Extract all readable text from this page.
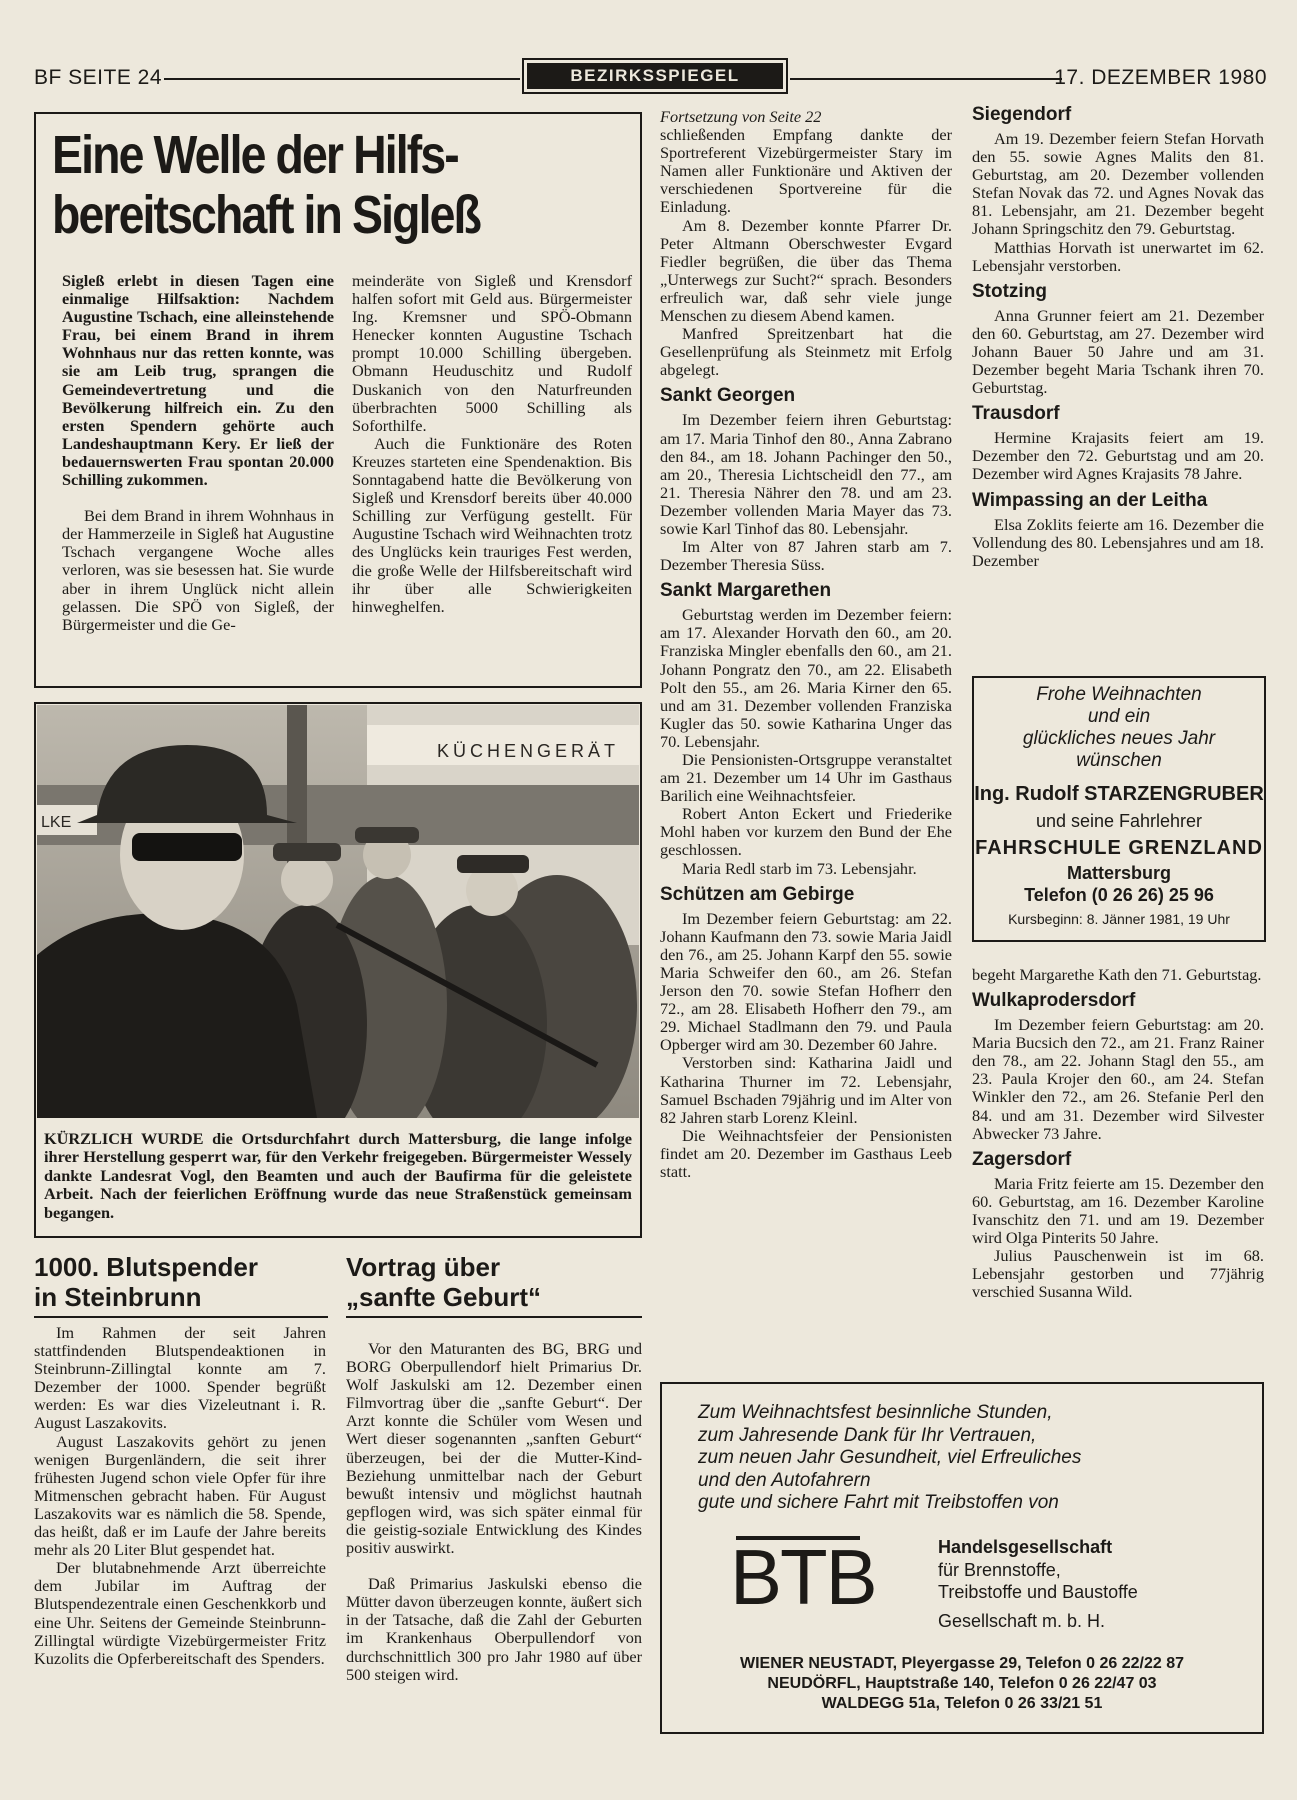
BF SEITE 24	BEZIRKSSPIEGEL	17. DEZEMBER 1980
Eine Welle der Hilfs-
bereitschaft in Sigleß

Sigleß erlebt in diesen Tagen eine einmalige Hilfsaktion: Nachdem Augustine Tschach, eine alleinstehende Frau, bei einem Brand in ihrem Wohnhaus nur das retten konnte, was sie am Leib trug, sprangen die Gemeindevertretung und die Bevölkerung hilfreich ein. Zu den ersten Spendern gehörte auch Landeshauptmann Kery. Er ließ der bedauernswerten Frau spontan 20.000 Schilling zukommen.

Bei dem Brand in ihrem Wohnhaus in der Hammerzeile in Sigleß hat Augustine Tschach vergangene Woche alles verloren, was sie besessen hat. Sie wurde aber in ihrem Unglück nicht allein gelassen. Die SPÖ von Sigleß, der Bürgermeister und die Ge-

meinderäte von Sigleß und Krensdorf halfen sofort mit Geld aus. Bürgermeister Ing. Kremsner und SPÖ-Obmann Henecker konnten Augustine Tschach prompt 10.000 Schilling übergeben. Obmann Heuduschitz und Rudolf Duskanich von den Naturfreunden überbrachten 5000 Schilling als Soforthilfe.

Auch die Funktionäre des Roten Kreuzes starteten eine Spendenaktion. Bis Sonntagabend hatte die Bevölkerung von Sigleß und Krensdorf bereits über 40.000 Schilling zur Verfügung gestellt. Für Augustine Tschach wird Weihnachten trotz des Unglücks kein trauriges Fest werden, die große Welle der Hilfsbereitschaft wird ihr über alle Schwierigkeiten hinweghelfen.

KÜCHENGERÄT
LKE
KÜRZLICH WURDE die Ortsdurchfahrt durch Mattersburg, die lange infolge ihrer Herstellung gesperrt war, für den Verkehr freigegeben. Bürgermeister Wessely dankte Landesrat Vogl, den Beamten und auch der Baufirma für die geleistete Arbeit. Nach der feierlichen Eröffnung wurde das neue Straßenstück gemeinsam begangen.
1000. Blutspender
in Steinbrunn

Im Rahmen der seit Jahren stattfindenden Blutspendeaktionen in Steinbrunn-Zillingtal konnte am 7. Dezember der 1000. Spender begrüßt werden: Es war dies Vizeleutnant i. R. August Laszakovits.

August Laszakovits gehört zu jenen wenigen Burgenländern, die seit ihrer frühesten Jugend schon viele Opfer für ihre Mitmenschen gebracht haben. Für August Laszakovits war es nämlich die 58. Spende, das heißt, daß er im Laufe der Jahre bereits mehr als 20 Liter Blut gespendet hat.

Der blutabnehmende Arzt überreichte dem Jubilar im Auftrag der Blutspendezentrale einen Geschenkkorb und eine Uhr. Seitens der Gemeinde Steinbrunn-Zillingtal würdigte Vizebürgermeister Fritz Kuzolits die Opferbereitschaft des Spenders.

Vortrag über
„sanfte Geburt“

Vor den Maturanten des BG, BRG und BORG Oberpullendorf hielt Primarius Dr. Wolf Jaskulski am 12. Dezember einen Filmvortrag über die „sanfte Geburt“. Der Arzt konnte die Schüler vom Wesen und Wert dieser sogenannten „sanften Geburt“ überzeugen, bei der die Mutter-Kind-Beziehung unmittelbar nach der Geburt bewußt intensiv und möglichst hautnah gepflogen wird, was sich später einmal für die geistig-soziale Entwicklung des Kindes positiv auswirkt.

Daß Primarius Jaskulski ebenso die Mütter davon überzeugen konnte, äußert sich in der Tatsache, daß die Zahl der Geburten im Krankenhaus Oberpullendorf von durchschnittlich 300 pro Jahr 1980 auf über 500 steigen wird.

Fortsetzung von Seite 22

schließenden Empfang dankte der Sportreferent Vizebürgermeister Stary im Namen aller Funktionäre und Aktiven der verschiedenen Sportvereine für die Einladung.

Am 8. Dezember konnte Pfarrer Dr. Peter Altmann Oberschwester Evgard Fiedler begrüßen, die über das Thema „Unterwegs zur Sucht?“ sprach. Besonders erfreulich war, daß sehr viele junge Menschen zu diesem Abend kamen.

Manfred Spreitzenbart hat die Gesellenprüfung als Steinmetz mit Erfolg abgelegt.

Sankt Georgen

Im Dezember feiern ihren Geburtstag: am 17. Maria Tinhof den 80., Anna Zabrano den 84., am 18. Johann Pachinger den 50., am 20., Theresia Lichtscheidl den 77., am 21. Theresia Nährer den 78. und am 23. Dezember vollenden Maria Mayer das 73. sowie Karl Tinhof das 80. Lebensjahr.

Im Alter von 87 Jahren starb am 7. Dezember Theresia Süss.

Sankt Margarethen

Geburtstag werden im Dezember feiern: am 17. Alexander Horvath den 60., am 20. Franziska Mingler ebenfalls den 60., am 21. Johann Pongratz den 70., am 22. Elisabeth Polt den 55., am 26. Maria Kirner den 65. und am 31. Dezember vollenden Franziska Kugler das 50. sowie Katharina Unger das 70. Lebensjahr.

Die Pensionisten-Ortsgruppe veranstaltet am 21. Dezember um 14 Uhr im Gasthaus Barilich eine Weihnachtsfeier.

Robert Anton Eckert und Friederike Mohl haben vor kurzem den Bund der Ehe geschlossen.

Maria Redl starb im 73. Lebensjahr.

Schützen am Gebirge

Im Dezember feiern Geburtstag: am 22. Johann Kaufmann den 73. sowie Maria Jaidl den 76., am 25. Johann Karpf den 55. sowie Maria Schweifer den 60., am 26. Stefan Jerson den 70. sowie Stefan Hofherr den 72., am 28. Elisabeth Hofherr den 79., am 29. Michael Stadlmann den 79. und Paula Opberger wird am 30. Dezember 60 Jahre.

Verstorben sind: Katharina Jaidl und Katharina Thurner im 72. Lebensjahr, Samuel Bschaden 79jährig und im Alter von 82 Jahren starb Lorenz Kleinl.

Die Weihnachtsfeier der Pensionisten findet am 20. Dezember im Gasthaus Leeb statt.

Siegendorf

Am 19. Dezember feiern Stefan Horvath den 55. sowie Agnes Malits den 81. Geburtstag, am 20. Dezember vollenden Stefan Novak das 72. und Agnes Novak das 81. Lebensjahr, am 21. Dezember begeht Johann Springschitz den 79. Geburtstag.

Matthias Horvath ist unerwartet im 62. Lebensjahr verstorben.

Stotzing

Anna Grunner feiert am 21. Dezember den 60. Geburtstag, am 27. Dezember wird Johann Bauer 50 Jahre und am 31. Dezember begeht Maria Tschank ihren 70. Geburtstag.

Trausdorf

Hermine Krajasits feiert am 19. Dezember den 72. Geburtstag und am 20. Dezember wird Agnes Krajasits 78 Jahre.

Wimpassing an der Leitha

Elsa Zoklits feierte am 16. Dezember die Vollendung des 80. Lebensjahres und am 18. Dezember

Frohe Weihnachten
und ein
glückliches neues Jahr
wünschen
Ing. Rudolf STARZENGRUBER
und seine Fahrlehrer
FAHRSCHULE GRENZLAND
Mattersburg
Telefon (0 26 26) 25 96
Kursbeginn: 8. Jänner 1981, 19 Uhr

begeht Margarethe Kath den 71. Geburtstag.

Wulkaprodersdorf

Im Dezember feiern Geburtstag: am 20. Maria Bucsich den 72., am 21. Franz Rainer den 78., am 22. Johann Stagl den 55., am 23. Paula Krojer den 60., am 24. Stefan Winkler den 72., am 26. Stefanie Perl den 84. und am 31. Dezember wird Silvester Abwecker 73 Jahre.

Zagersdorf

Maria Fritz feierte am 15. Dezember den 60. Geburtstag, am 16. Dezember Karoline Ivanschitz den 71. und am 19. Dezember wird Olga Pinterits 50 Jahre.

Julius Pauschenwein ist im 68. Lebensjahr gestorben und 77jährig verschied Susanna Wild.

Zum Weihnachtsfest besinnliche Stunden,
zum Jahresende Dank für Ihr Vertrauen,
zum neuen Jahr Gesundheit, viel Erfreuliches
und den Autofahrern
gute und sichere Fahrt mit Treibstoffen von
BTB	Handelsgesellschaft
für Brennstoffe,
Treibstoffe und Baustoffe
Gesellschaft m. b. H.
WIENER NEUSTADT, Pleyergasse 29, Telefon 0 26 22/22 87
NEUDÖRFL, Hauptstraße 140, Telefon 0 26 22/47 03
WALDEGG 51a, Telefon 0 26 33/21 51
